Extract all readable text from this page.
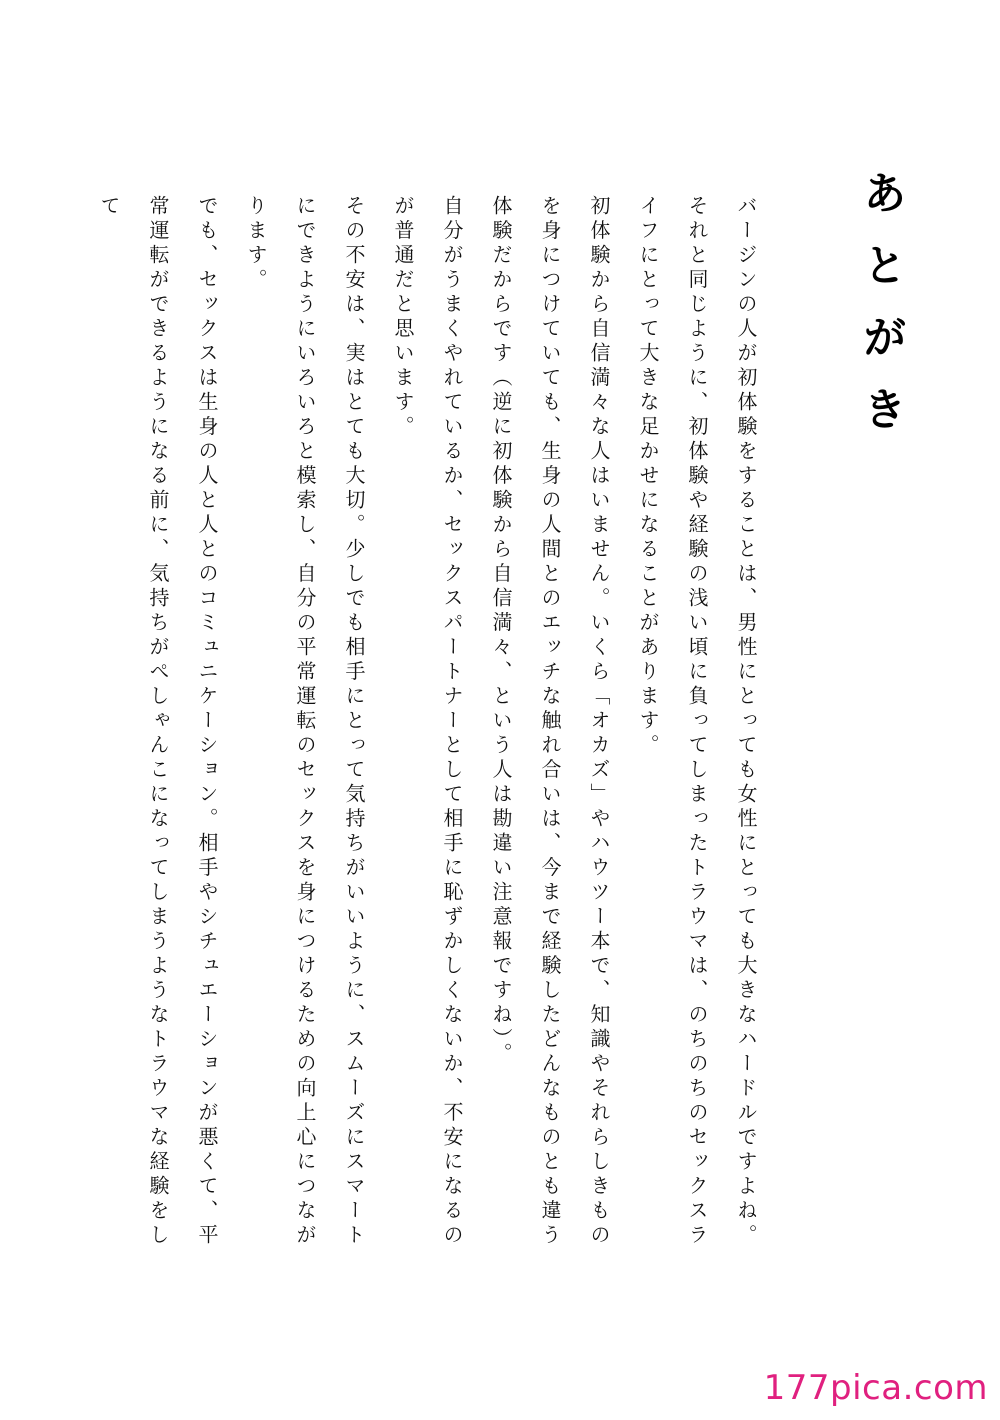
あとがき

バージンの人が初体験をすることは、男性にとっても女性にとっても大きなハードルですよね。

それと同じように、初体験や経験の浅い頃に負ってしまったトラウマは、のちのちのセックスライフにとって大きな足かせになることがあります。

初体験から自信満々な人はいません。いくら「オカズ」やハウツー本で、知識やそれらしきものを身につけていても、生身の人間とのエッチな触れ合いは、今まで経験したどんなものとも違う体験だからです（逆に初体験から自信満々、という人は勘違い注意報ですね）。

自分がうまくやれているか、セックスパートナーとして相手に恥ずかしくないか、不安になるのが普通だと思います。

その不安は、実はとても大切。少しでも相手にとって気持ちがいいように、スムーズにスマートにできようにいろいろと模索し、自分の平常運転のセックスを身につけるための向上心につながります。

でも、セックスは生身の人と人とのコミュニケーション。相手やシチュエーションが悪くて、平常運転ができるようになる前に、気持ちがぺしゃんこになってしまうようなトラウマな経験をして

177pica.com
